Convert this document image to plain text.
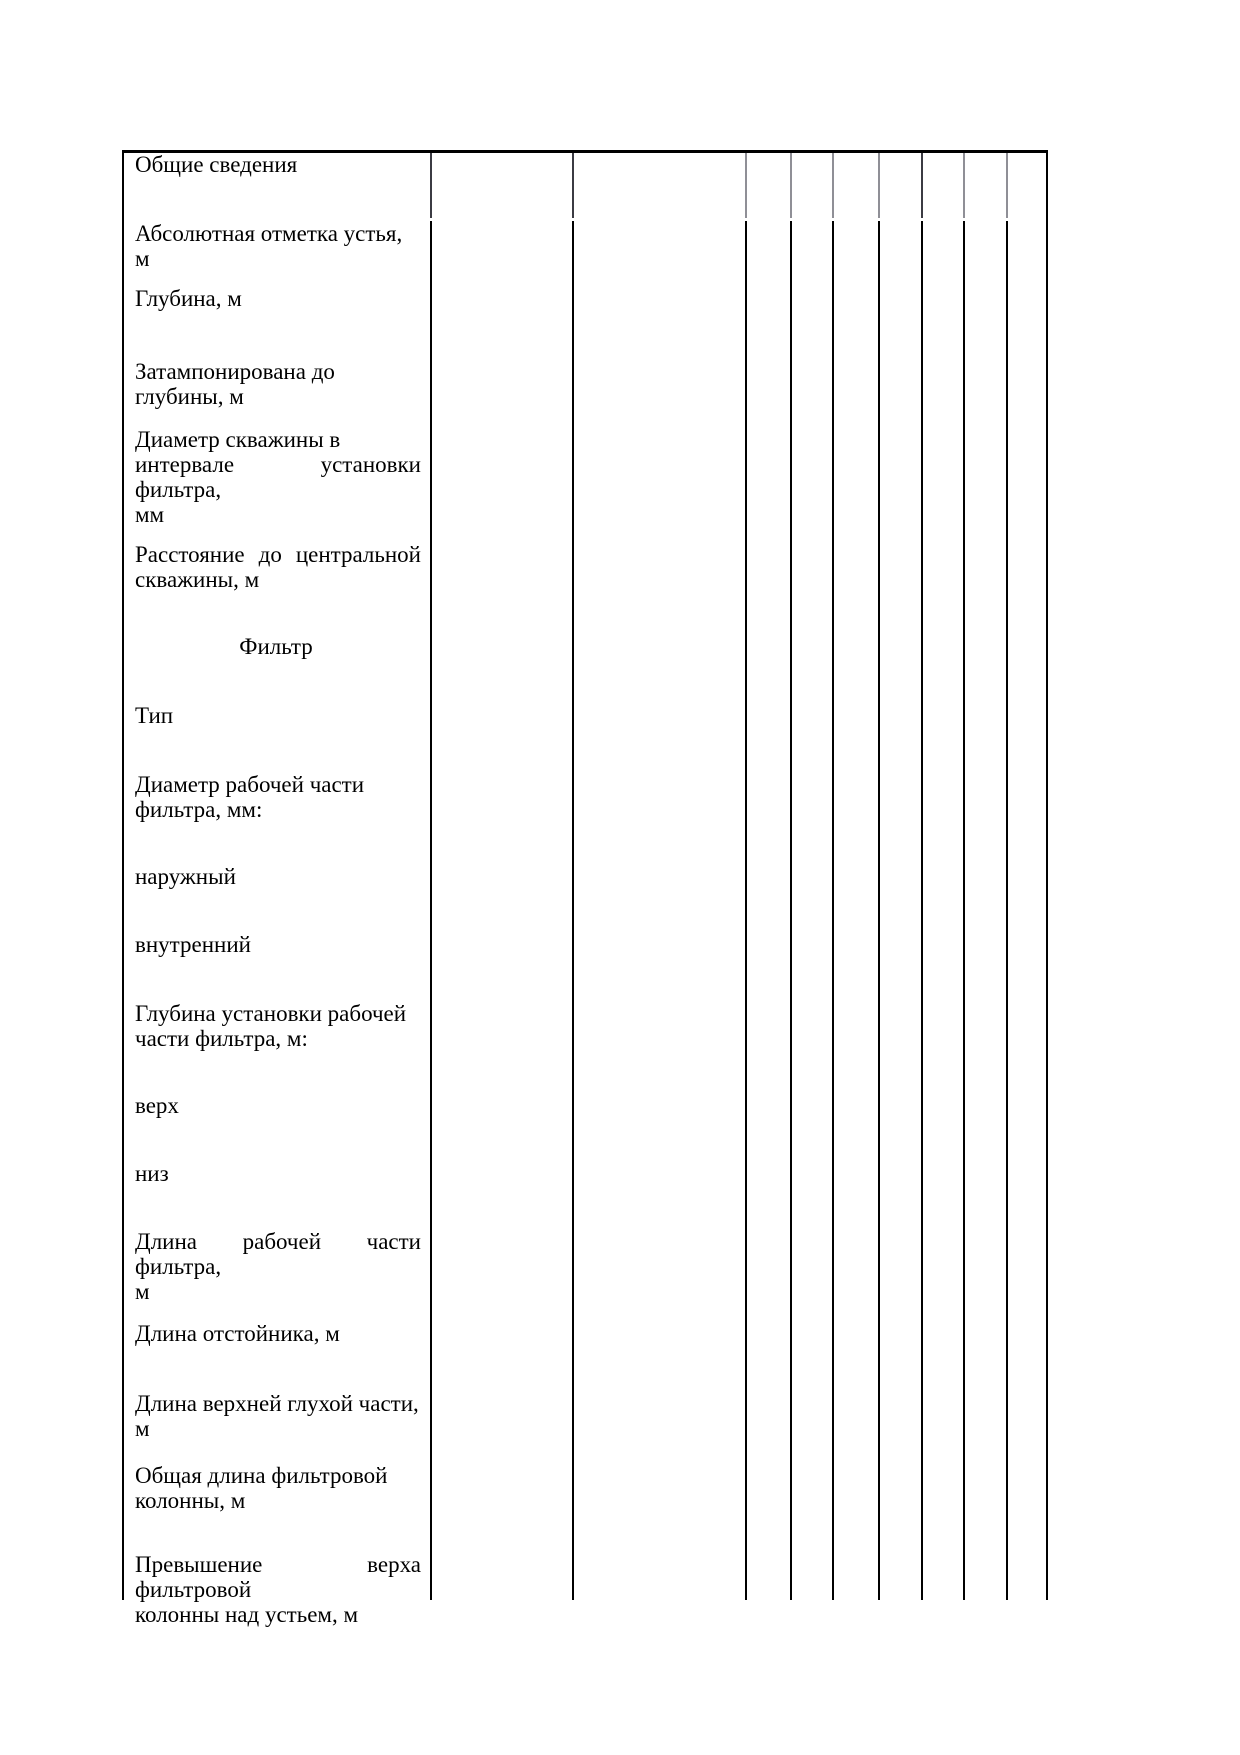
Общие сведения
Абсолютная отметка устья, м
Глубина, м
Затампонирована до глубины, м
Диаметр скважины в
интервале установки фильтра,
мм
Расстояние до центральной
скважины, м
Фильтр
Тип
Диаметр рабочей части
фильтра, мм:
наружный
внутренний
Глубина установки рабочей
части фильтра, м:
верх
низ
Длина рабочей части фильтра,
м
Длина отстойника, м
Длина верхней глухой части, м
Общая длина фильтровой
колонны, м
Превышение верха фильтровой
колонны над устьем, м
